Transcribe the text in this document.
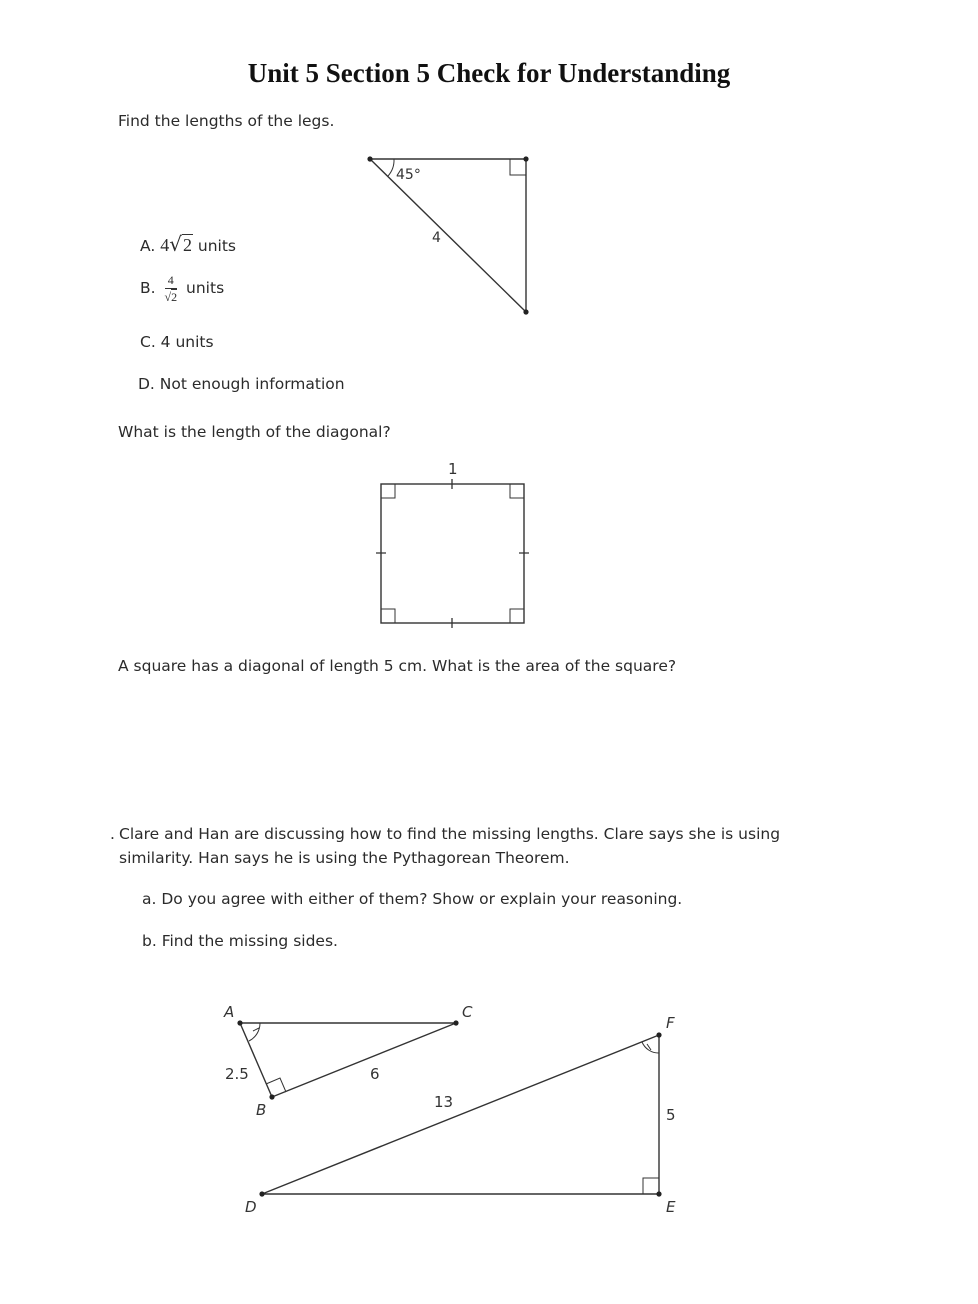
Unit 5 Section 5 Check for Understanding
Find the lengths of the legs.
45°
4
A. 4√2 units
B. $\frac{4}{√2}$ units
C. 4 units
D. Not enough information
What is the length of the diagonal?
1
A square has a diagonal of length 5 cm. What is the area of the square?
. Clare and Han are discussing how to find the missing lengths. Clare says she is using
similarity. Han says he is using the Pythagorean Theorem.
a. Do you agree with either of them? Show or explain your reasoning.
b. Find the missing sides.
A
B
C
2.5	6
D	E
F
13
5
